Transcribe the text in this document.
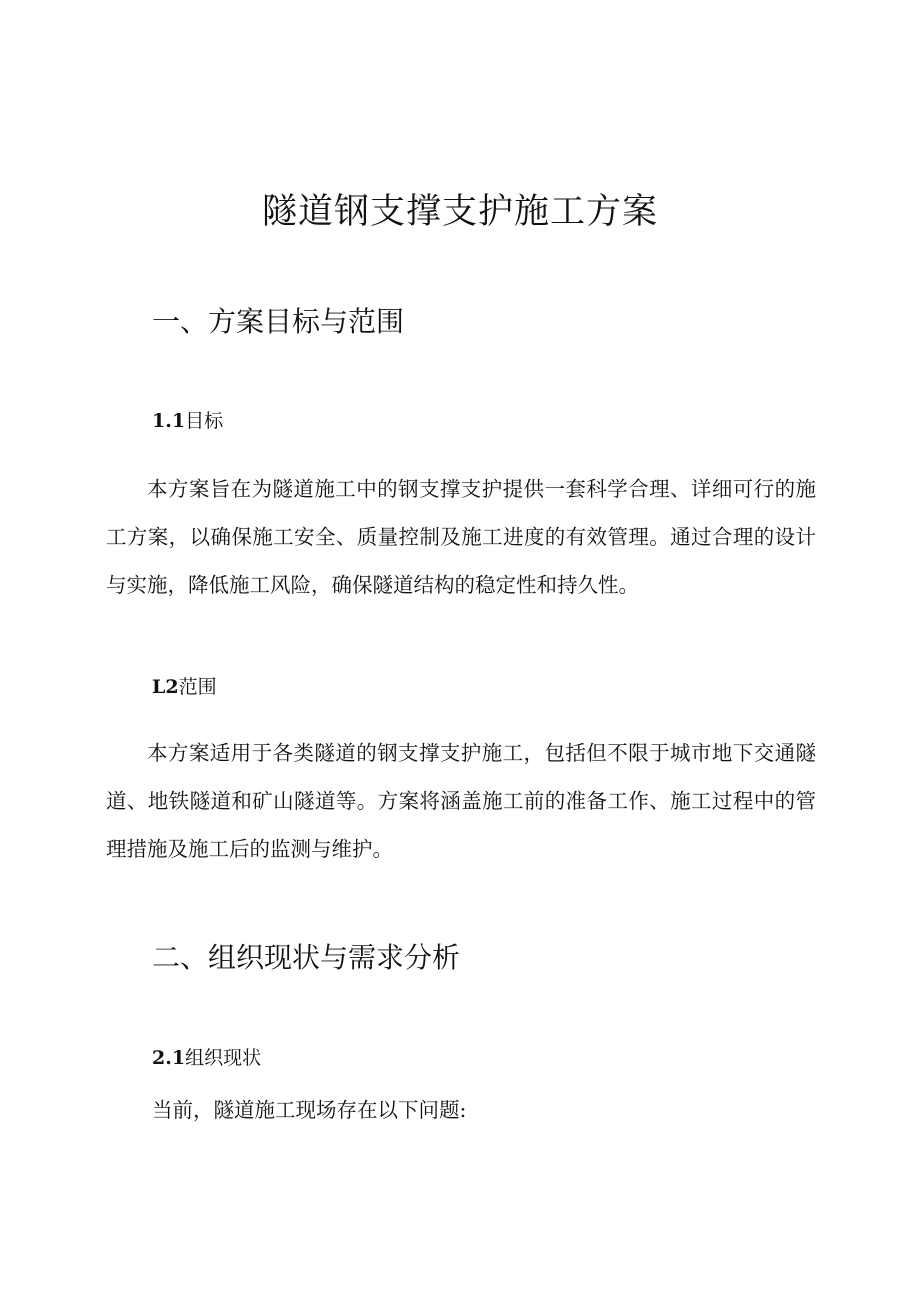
隧道钢支撑支护施工方案
一、方案目标与范围
1.1目标

本方案旨在为隧道施工中的钢支撑支护提供一套科学合理、详细可行的施工方案，以确保施工安全、质量控制及施工进度的有效管理。通过合理的设计与实施，降低施工风险，确保隧道结构的稳定性和持久性。

L2范围

本方案适用于各类隧道的钢支撑支护施工，包括但不限于城市地下交通隧道、地铁隧道和矿山隧道等。方案将涵盖施工前的准备工作、施工过程中的管理措施及施工后的监测与维护。

二、组织现状与需求分析
2.1组织现状

当前，隧道施工现场存在以下问题:
